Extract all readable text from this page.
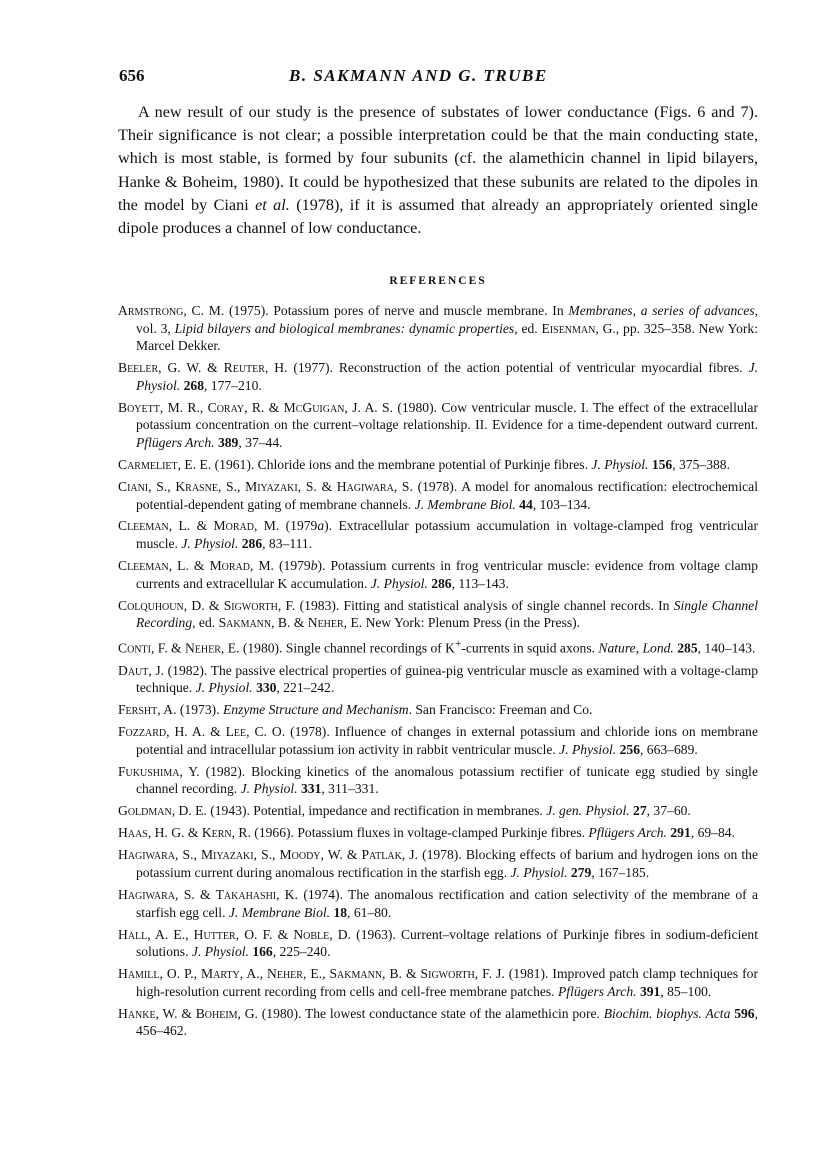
656	B. SAKMANN AND G. TRUBE

A new result of our study is the presence of substates of lower conductance (Figs. 6 and 7). Their significance is not clear; a possible interpretation could be that the main conducting state, which is most stable, is formed by four subunits (cf. the alamethicin channel in lipid bilayers, Hanke & Boheim, 1980). It could be hypothesized that these subunits are related to the dipoles in the model by Ciani et al. (1978), if it is assumed that already an appropriately oriented single dipole produces a channel of low conductance.

REFERENCES

Armstrong, C. M. (1975). Potassium pores of nerve and muscle membrane. In Membranes, a series of advances, vol. 3, Lipid bilayers and biological membranes: dynamic properties, ed. Eisenman, G., pp. 325–358. New York: Marcel Dekker.

Beeler, G. W. & Reuter, H. (1977). Reconstruction of the action potential of ventricular myocardial fibres. J. Physiol. 268, 177–210.

Boyett, M. R., Coray, R. & McGuigan, J. A. S. (1980). Cow ventricular muscle. I. The effect of the extracellular potassium concentration on the current–voltage relationship. II. Evidence for a time-dependent outward current. Pflügers Arch. 389, 37–44.

Carmeliet, E. E. (1961). Chloride ions and the membrane potential of Purkinje fibres. J. Physiol. 156, 375–388.

Ciani, S., Krasne, S., Miyazaki, S. & Hagiwara, S. (1978). A model for anomalous rectification: electrochemical potential-dependent gating of membrane channels. J. Membrane Biol. 44, 103–134.

Cleeman, L. & Morad, M. (1979a). Extracellular potassium accumulation in voltage-clamped frog ventricular muscle. J. Physiol. 286, 83–111.

Cleeman, L. & Morad, M. (1979b). Potassium currents in frog ventricular muscle: evidence from voltage clamp currents and extracellular K accumulation. J. Physiol. 286, 113–143.

Colquhoun, D. & Sigworth, F. (1983). Fitting and statistical analysis of single channel records. In Single Channel Recording, ed. Sakmann, B. & Neher, E. New York: Plenum Press (in the Press).

Conti, F. & Neher, E. (1980). Single channel recordings of K+-currents in squid axons. Nature, Lond. 285, 140–143.

Daut, J. (1982). The passive electrical properties of guinea-pig ventricular muscle as examined with a voltage-clamp technique. J. Physiol. 330, 221–242.

Fersht, A. (1973). Enzyme Structure and Mechanism. San Francisco: Freeman and Co.

Fozzard, H. A. & Lee, C. O. (1978). Influence of changes in external potassium and chloride ions on membrane potential and intracellular potassium ion activity in rabbit ventricular muscle. J. Physiol. 256, 663–689.

Fukushima, Y. (1982). Blocking kinetics of the anomalous potassium rectifier of tunicate egg studied by single channel recording. J. Physiol. 331, 311–331.

Goldman, D. E. (1943). Potential, impedance and rectification in membranes. J. gen. Physiol. 27, 37–60.

Haas, H. G. & Kern, R. (1966). Potassium fluxes in voltage-clamped Purkinje fibres. Pflügers Arch. 291, 69–84.

Hagiwara, S., Miyazaki, S., Moody, W. & Patlak, J. (1978). Blocking effects of barium and hydrogen ions on the potassium current during anomalous rectification in the starfish egg. J. Physiol. 279, 167–185.

Hagiwara, S. & Takahashi, K. (1974). The anomalous rectification and cation selectivity of the membrane of a starfish egg cell. J. Membrane Biol. 18, 61–80.

Hall, A. E., Hutter, O. F. & Noble, D. (1963). Current–voltage relations of Purkinje fibres in sodium-deficient solutions. J. Physiol. 166, 225–240.

Hamill, O. P., Marty, A., Neher, E., Sakmann, B. & Sigworth, F. J. (1981). Improved patch clamp techniques for high-resolution current recording from cells and cell-free membrane patches. Pflügers Arch. 391, 85–100.

Hanke, W. & Boheim, G. (1980). The lowest conductance state of the alamethicin pore. Biochim. biophys. Acta 596, 456–462.
